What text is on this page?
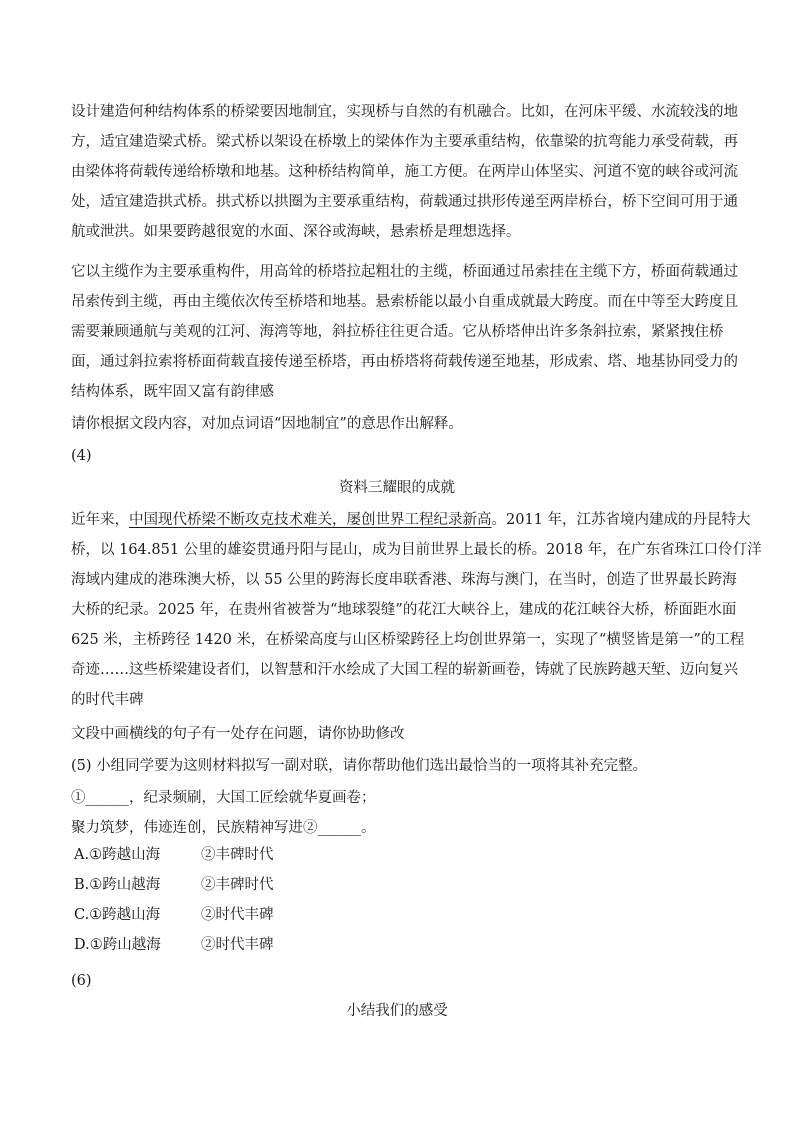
设计建造何种结构体系的桥梁要因地制宜，实现桥与自然的有机融合。比如，在河床平缓、水流较浅的地
方，适宜建造梁式桥。梁式桥以架设在桥墩上的梁体作为主要承重结构，依靠梁的抗弯能力承受荷载，再
由梁体将荷载传递给桥墩和地基。这种桥结构简单，施工方便。在两岸山体坚实、河道不宽的峡谷或河流
处，适宜建造拱式桥。拱式桥以拱圈为主要承重结构，荷载通过拱形传递至两岸桥台，桥下空间可用于通
航或泄洪。如果要跨越很宽的水面、深谷或海峡，悬索桥是理想选择。
它以主缆作为主要承重构件，用高耸的桥塔拉起粗壮的主缆，桥面通过吊索挂在主缆下方，桥面荷载通过
吊索传到主缆，再由主缆依次传至桥塔和地基。悬索桥能以最小自重成就最大跨度。而在中等至大跨度且
需要兼顾通航与美观的江河、海湾等地，斜拉桥往往更合适。它从桥塔伸出许多条斜拉索，紧紧拽住桥
面，通过斜拉索将桥面荷载直接传递至桥塔，再由桥塔将荷载传递至地基，形成索、塔、地基协同受力的
结构体系，既牢固又富有韵律感
请你根据文段内容，对加点词语“因地制宜”的意思作出解释。
(4)
资料三耀眼的成就
近年来，中国现代桥梁不断攻克技术难关，屡创世界工程纪录新高。2011 年，江苏省境内建成的丹昆特大
桥，以 164.851 公里的雄姿贯通丹阳与昆山，成为目前世界上最长的桥。2018 年，在广东省珠江口伶仃洋
海域内建成的港珠澳大桥，以 55 公里的跨海长度串联香港、珠海与澳门，在当时，创造了世界最长跨海
大桥的纪录。2025 年，在贵州省被誉为“地球裂缝”的花江大峡谷上，建成的花江峡谷大桥，桥面距水面
625 米，主桥跨径 1420 米，在桥梁高度与山区桥梁跨径上均创世界第一，实现了“横竖皆是第一”的工程
奇迹……这些桥梁建设者们，以智慧和汗水绘成了大国工程的崭新画卷，铸就了民族跨越天堑、迈向复兴
的时代丰碑
文段中画横线的句子有一处存在问题，请你协助修改
(5) 小组同学要为这则材料拟写一副对联，请你帮助他们选出最恰当的一项将其补充完整。
①______，纪录频刷，大国工匠绘就华夏画卷；
聚力筑梦，伟迹连创，民族精神写进②______。
A.①跨越山海	②丰碑时代
B.①跨山越海	②丰碑时代
C.①跨越山海	②时代丰碑
D.①跨山越海	②时代丰碑
(6)
小结我们的感受
